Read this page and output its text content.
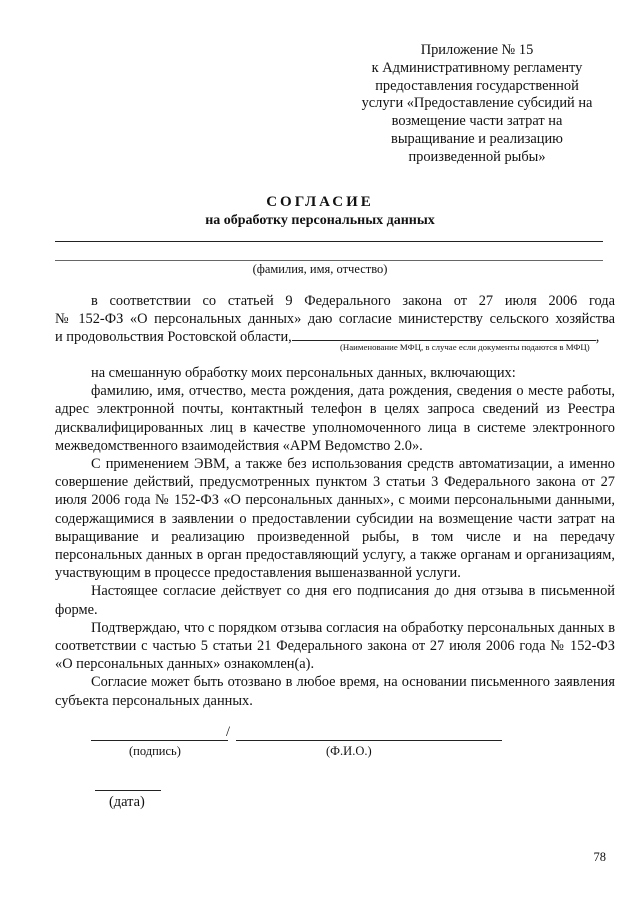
Приложение № 15
к Административному регламенту
предоставления государственной
услуги «Предоставление субсидий на
возмещение части затрат на
выращивание и реализацию
произведенной рыбы»
СОГЛАСИЕ
на обработку персональных данных
(фамилия, имя, отчество)

в соответствии со статьей 9 Федерального закона от 27 июля 2006 года

№ 152-ФЗ «О персональных данных» даю согласие министерству сельского хозяйства

и продовольствия Ростовской области,	,

(Наименование МФЦ, в случае если документы подаются в МФЦ)

на смешанную обработку моих персональных данных, включающих:

фамилию, имя, отчество, места рождения, дата рождения, сведения о месте работы, адрес электронной почты, контактный телефон в целях запроса сведений из Реестра дисквалифицированных лиц в качестве уполномоченного лица в системе электронного межведомственного взаимодействия «АРМ Ведомство 2.0».

С применением ЭВМ, а также без использования средств автоматизации, а именно совершение действий, предусмотренных пунктом 3 статьи 3 Федерального закона от 27 июля 2006 года № 152-ФЗ «О персональных данных», с моими персональными данными, содержащимися в заявлении о предоставлении субсидии на возмещение части затрат на выращивание и реализацию произведенной рыбы, в том числе и на передачу персональных данных в орган предоставляющий услугу, а также органам и организациям, участвующим в процессе предоставления вышеназванной услуги.

Настоящее согласие действует со дня его подписания до дня отзыва в письменной форме.

Подтверждаю, что с порядком отзыва согласия на обработку персональных данных в соответствии с частью 5 статьи 21 Федерального закона от 27 июля 2006 года № 152-ФЗ «О персональных данных» ознакомлен(а).

Согласие может быть отозвано в любое время, на основании письменного заявления субъекта персональных данных.

/
(подпись)	(Ф.И.О.)
(дата)
78
